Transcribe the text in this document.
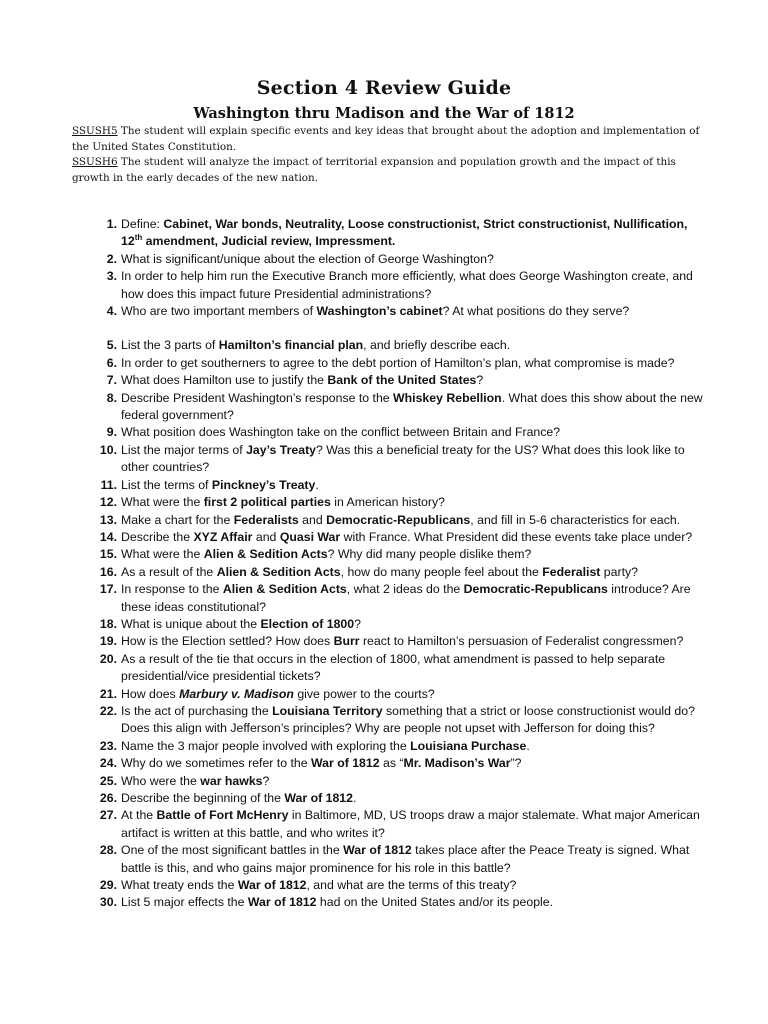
Section 4 Review Guide
Washington thru Madison and the War of 1812

SSUSH5 The student will explain specific events and key ideas that brought about the adoption and implementation of the United States Constitution.

SSUSH6 The student will analyze the impact of territorial expansion and population growth and the impact of this growth in the early decades of the new nation.

1. Define: Cabinet, War bonds, Neutrality, Loose constructionist, Strict constructionist, Nullification, 12th amendment, Judicial review, Impressment.
2. What is significant/unique about the election of George Washington?
3. In order to help him run the Executive Branch more efficiently, what does George Washington create, and how does this impact future Presidential administrations?
4. Who are two important members of Washington’s cabinet? At what positions do they serve?
5. List the 3 parts of Hamilton’s financial plan, and briefly describe each.
6. In order to get southerners to agree to the debt portion of Hamilton’s plan, what compromise is made?
7. What does Hamilton use to justify the Bank of the United States?
8. Describe President Washington’s response to the Whiskey Rebellion. What does this show about the new federal government?
9. What position does Washington take on the conflict between Britain and France?
10. List the major terms of Jay’s Treaty? Was this a beneficial treaty for the US? What does this look like to other countries?
11. List the terms of Pinckney’s Treaty.
12. What were the first 2 political parties in American history?
13. Make a chart for the Federalists and Democratic-Republicans, and fill in 5-6 characteristics for each.
14. Describe the XYZ Affair and Quasi War with France. What President did these events take place under?
15. What were the Alien & Sedition Acts? Why did many people dislike them?
16. As a result of the Alien & Sedition Acts, how do many people feel about the Federalist party?
17. In response to the Alien & Sedition Acts, what 2 ideas do the Democratic-Republicans introduce? Are these ideas constitutional?
18. What is unique about the Election of 1800?
19. How is the Election settled? How does Burr react to Hamilton’s persuasion of Federalist congressmen?
20. As a result of the tie that occurs in the election of 1800, what amendment is passed to help separate presidential/vice presidential tickets?
21. How does Marbury v. Madison give power to the courts?
22. Is the act of purchasing the Louisiana Territory something that a strict or loose constructionist would do? Does this align with Jefferson’s principles? Why are people not upset with Jefferson for doing this?
23. Name the 3 major people involved with exploring the Louisiana Purchase.
24. Why do we sometimes refer to the War of 1812 as “Mr. Madison’s War”?
25. Who were the war hawks?
26. Describe the beginning of the War of 1812.
27. At the Battle of Fort McHenry in Baltimore, MD, US troops draw a major stalemate. What major American artifact is written at this battle, and who writes it?
28. One of the most significant battles in the War of 1812 takes place after the Peace Treaty is signed. What battle is this, and who gains major prominence for his role in this battle?
29. What treaty ends the War of 1812, and what are the terms of this treaty?
30. List 5 major effects the War of 1812 had on the United States and/or its people.
